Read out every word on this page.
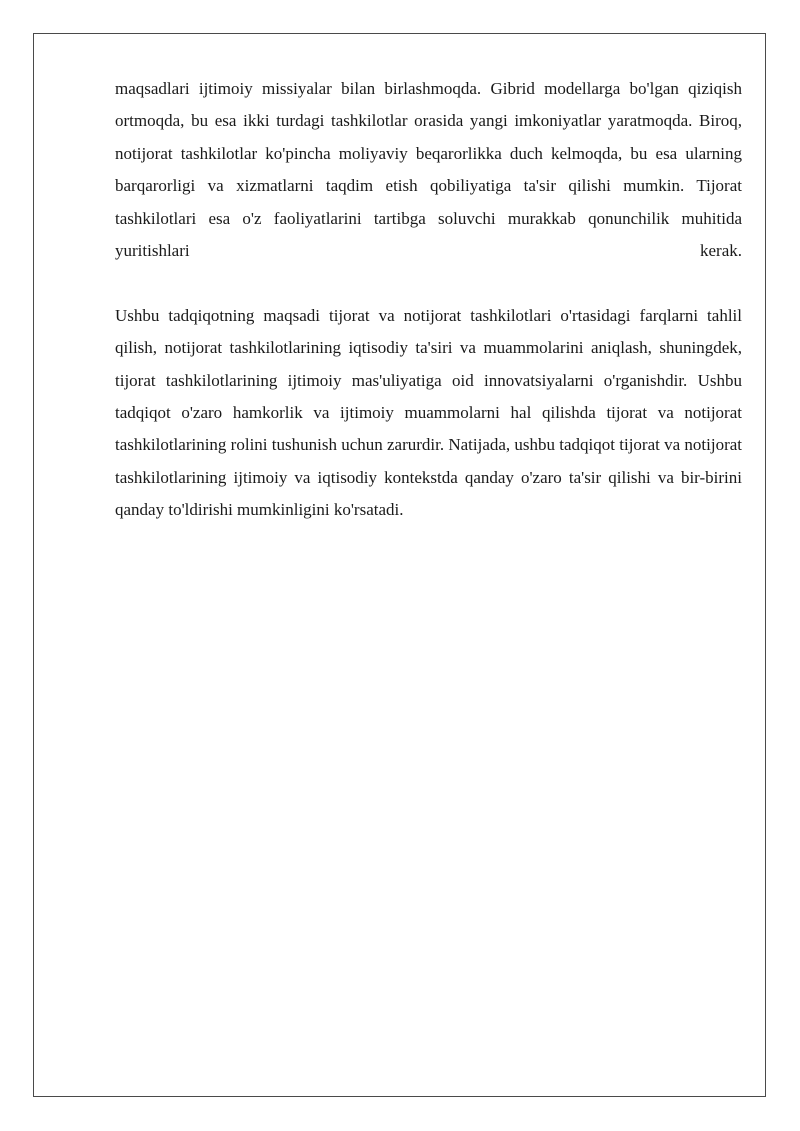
maqsadlari ijtimoiy missiyalar bilan birlashmoqda. Gibrid modellarga bo'lgan qiziqish ortmoqda, bu esa ikki turdagi tashkilotlar orasida yangi imkoniyatlar yaratmoqda. Biroq, notijorat tashkilotlar ko'pincha moliyaviy beqarorlikka duch kelmoqda, bu esa ularning barqarorligi va xizmatlarni taqdim etish qobiliyatiga ta'sir qilishi mumkin. Tijorat tashkilotlari esa o'z faoliyatlarini tartibga soluvchi murakkab qonunchilik muhitida yuritishlari kerak.

Ushbu tadqiqotning maqsadi tijorat va notijorat tashkilotlari o'rtasidagi farqlarni tahlil qilish, notijorat tashkilotlarining iqtisodiy ta'siri va muammolarini aniqlash, shuningdek, tijorat tashkilotlarining ijtimoiy mas'uliyatiga oid innovatsiyalarni o'rganishdir. Ushbu tadqiqot o'zaro hamkorlik va ijtimoiy muammolarni hal qilishda tijorat va notijorat tashkilotlarining rolini tushunish uchun zarurdir. Natijada, ushbu tadqiqot tijorat va notijorat tashkilotlarining ijtimoiy va iqtisodiy kontekstda qanday o'zaro ta'sir qilishi va bir-birini qanday to'ldirishi mumkinligini ko'rsatadi.
